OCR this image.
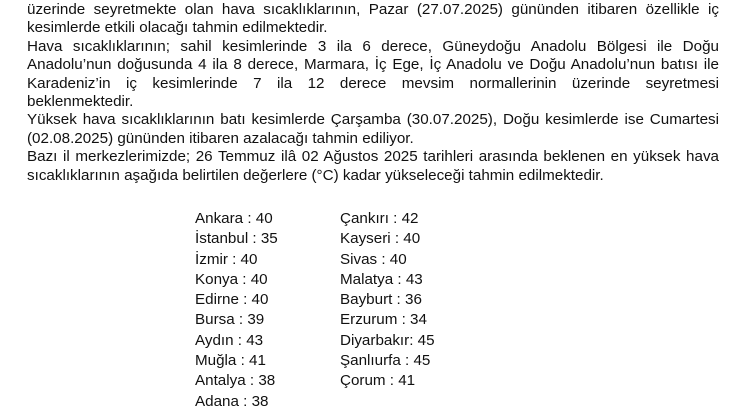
üzerinde seyretmekte olan hava sıcaklıklarının, Pazar (27.07.2025) gününden itibaren özellikle iç
kesimlerde etkili olacağı tahmin edilmektedir.

Hava sıcaklıklarının; sahil kesimlerinde 3 ila 6 derece, Güneydoğu Anadolu Bölgesi ile Doğu
Anadolu’nun doğusunda 4 ila 8 derece, Marmara, İç Ege, İç Anadolu ve Doğu Anadolu’nun batısı ile
Karadeniz’in iç kesimlerinde 7 ila 12 derece mevsim normallerinin üzerinde seyretmesi
beklenmektedir.

Yüksek hava sıcaklıklarının batı kesimlerde Çarşamba (30.07.2025), Doğu kesimlerde ise Cumartesi
(02.08.2025) gününden itibaren azalacağı tahmin ediliyor.

Bazı il merkezlerimizde; 26 Temmuz ilâ 02 Ağustos 2025 tarihleri arasında beklenen en yüksek hava
sıcaklıklarının aşağıda belirtilen değerlere (°C) kadar yükseleceği tahmin edilmektedir.

Ankara : 40
İstanbul : 35
İzmir : 40
Konya : 40
Edirne : 40
Bursa : 39
Aydın : 43
Muğla : 41
Antalya : 38
Adana : 38
Çankırı : 42
Kayseri : 40
Sivas : 40
Malatya : 43
Bayburt : 36
Erzurum : 34
Diyarbakır: 45
Şanlıurfa : 45
Çorum : 41
